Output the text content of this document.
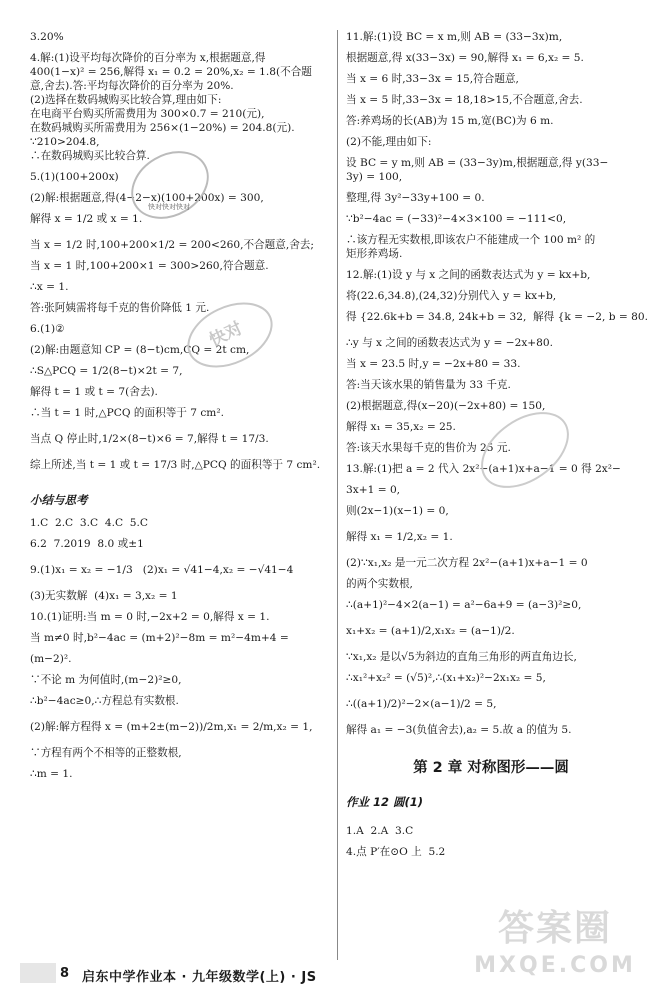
3.20%
4.解:(1)设平均每次降价的百分率为 x,根据题意,得
400(1−x)² = 256,解得 x₁ = 0.2 = 20%,x₂ = 1.8(不合题
意,舍去).答:平均每次降价的百分率为 20%.
(2)选择在数码城购买比较合算,理由如下:
在电商平台购买所需费用为 300×0.7 = 210(元),
在数码城购买所需费用为 256×(1−20%) = 204.8(元).
∵210>204.8,
∴在数码城购买比较合算.
5.(1)(100+200x)
(2)解:根据题意,得(4−2−x)(100+200x) = 300,
解得 x = 1/2 或 x = 1.
当 x = 1/2 时,100+200×1/2 = 200<260,不合题意,舍去;
当 x = 1 时,100+200×1 = 300>260,符合题意.
∴x = 1.
答:张阿姨需将每千克的售价降低 1 元.
6.(1)②
(2)解:由题意知 CP = (8−t)cm,CQ = 2t cm,
∴S△PCQ = 1/2(8−t)×2t = 7,
解得 t = 1 或 t = 7(舍去).
∴当 t = 1 时,△PCQ 的面积等于 7 cm².
当点 Q 停止时,1/2×(8−t)×6 = 7,解得 t = 17/3.
综上所述,当 t = 1 或 t = 17/3 时,△PCQ 的面积等于 7 cm².
小结与思考
1.C  2.C  3.C  4.C  5.C
6.2  7.2019  8.0 或±1
9.(1)x₁ = x₂ = −1/3   (2)x₁ = √41−4,x₂ = −√41−4
(3)无实数解  (4)x₁ = 3,x₂ = 1
10.(1)证明:当 m = 0 时,−2x+2 = 0,解得 x = 1.
当 m≠0 时,b²−4ac = (m+2)²−8m = m²−4m+4 =
(m−2)².
∵不论 m 为何值时,(m−2)²≥0,
∴b²−4ac≥0,∴方程总有实数根.
(2)解:解方程得 x = (m+2±(m−2))/2m,x₁ = 2/m,x₂ = 1,
∵方程有两个不相等的正整数根,
∴m = 1.
11.解:(1)设 BC = x m,则 AB = (33−3x)m,
根据题意,得 x(33−3x) = 90,解得 x₁ = 6,x₂ = 5.
当 x = 6 时,33−3x = 15,符合题意,
当 x = 5 时,33−3x = 18,18>15,不合题意,舍去.
答:养鸡场的长(AB)为 15 m,宽(BC)为 6 m.
(2)不能,理由如下:
设 BC = y m,则 AB = (33−3y)m,根据题意,得 y(33−
3y) = 100,
整理,得 3y²−33y+100 = 0.
∵b²−4ac = (−33)²−4×3×100 = −111<0,
∴该方程无实数根,即该农户不能建成一个 100 m² 的
矩形养鸡场.
12.解:(1)设 y 与 x 之间的函数表达式为 y = kx+b,
将(22.6,34.8),(24,32)分别代入 y = kx+b,
得 {22.6k+b = 34.8, 24k+b = 32,  解得 {k = −2, b = 80.
∴y 与 x 之间的函数表达式为 y = −2x+80.
当 x = 23.5 时,y = −2x+80 = 33.
答:当天该水果的销售量为 33 千克.
(2)根据题意,得(x−20)(−2x+80) = 150,
解得 x₁ = 35,x₂ = 25.
答:该天水果每千克的售价为 25 元.
13.解:(1)把 a = 2 代入 2x²−(a+1)x+a−1 = 0 得 2x²−
3x+1 = 0,
则(2x−1)(x−1) = 0,
解得 x₁ = 1/2,x₂ = 1.
(2)∵x₁,x₂ 是一元二次方程 2x²−(a+1)x+a−1 = 0
的两个实数根,
∴(a+1)²−4×2(a−1) = a²−6a+9 = (a−3)²≥0,
x₁+x₂ = (a+1)/2,x₁x₂ = (a−1)/2.
∵x₁,x₂ 是以√5为斜边的直角三角形的两直角边长,
∴x₁²+x₂² = (√5)²,∴(x₁+x₂)²−2x₁x₂ = 5,
∴((a+1)/2)²−2×(a−1)/2 = 5,
解得 a₁ = −3(负值舍去),a₂ = 5.故 a 的值为 5.
第 2 章 对称图形——圆
作业 12 圆(1)
1.A  2.A  3.C
4.点 P′在⊙O 上  5.2
快对
快对快对快对
答案圈
MXQE.COM
8 启东中学作业本 · 九年级数学(上) · JS
